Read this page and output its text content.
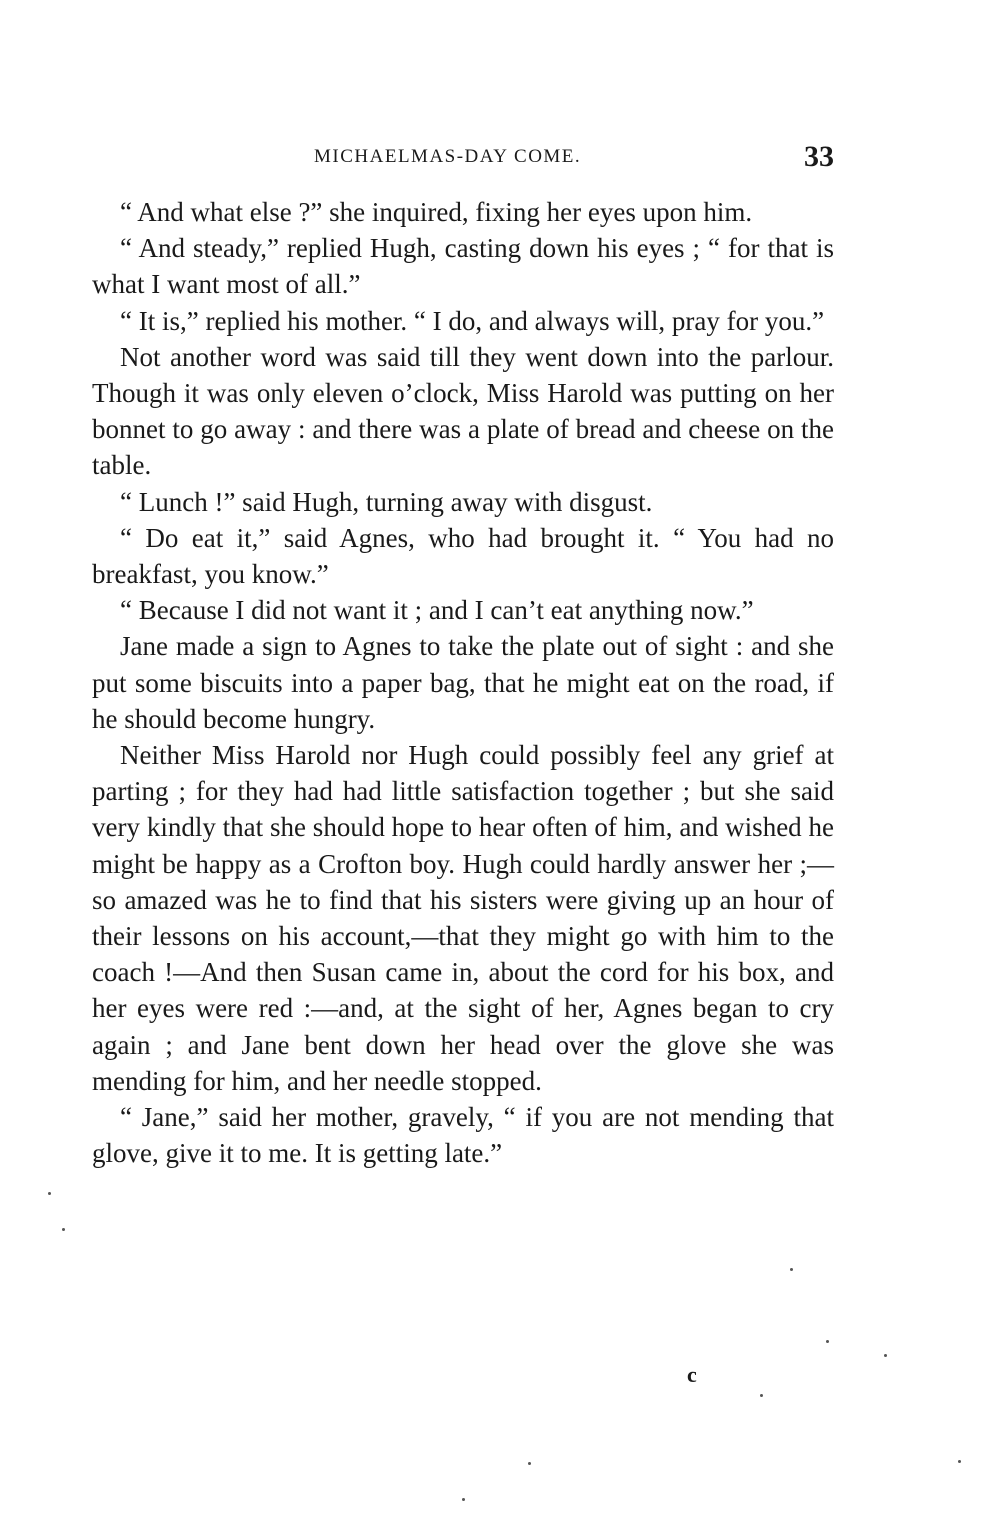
MICHAELMAS-DAY COME.	33

“ And what else ?” she inquired, fixing her eyes upon him.

“ And steady,” replied Hugh, casting down his eyes ; “ for that is what I want most of all.”

“ It is,” replied his mother. “ I do, and always will, pray for you.”

Not another word was said till they went down into the parlour. Though it was only eleven o’clock, Miss Harold was putting on her bonnet to go away : and there was a plate of bread and cheese on the table.

“ Lunch !” said Hugh, turning away with disgust.

“ Do eat it,” said Agnes, who had brought it. “ You had no breakfast, you know.”

“ Because I did not want it ; and I can’t eat anything now.”

Jane made a sign to Agnes to take the plate out of sight : and she put some biscuits into a paper bag, that he might eat on the road, if he should become hungry.

Neither Miss Harold nor Hugh could possibly feel any grief at parting ; for they had had little satisfaction together ; but she said very kindly that she should hope to hear often of him, and wished he might be happy as a Crofton boy. Hugh could hardly answer her ;—so amazed was he to find that his sisters were giving up an hour of their lessons on his account,—that they might go with him to the coach !—And then Susan came in, about the cord for his box, and her eyes were red :—and, at the sight of her, Agnes began to cry again ; and Jane bent down her head over the glove she was mending for him, and her needle stopped.

“ Jane,” said her mother, gravely, “ if you are not mending that glove, give it to me. It is getting late.”

c
